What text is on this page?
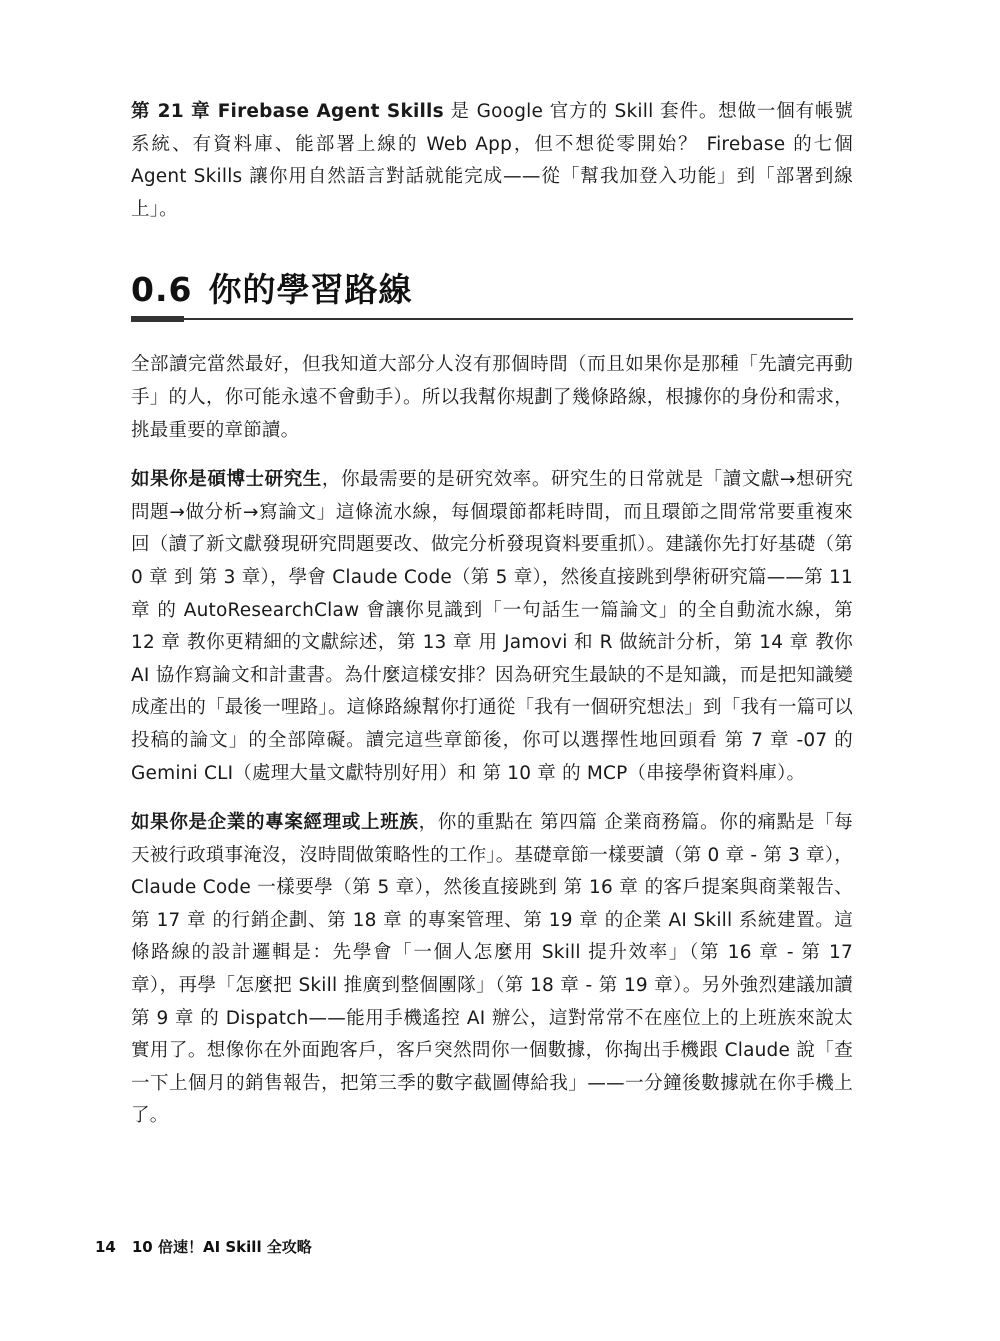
第 21 章 Firebase Agent Skills 是 Google 官方的 Skill 套件。想做一個有帳號系統、有資料庫、能部署上線的 Web App，但不想從零開始？ Firebase 的七個 Agent Skills 讓你用自然語言對話就能完成——從「幫我加登入功能」到「部署到線上」。

0.6 你的學習路線

全部讀完當然最好，但我知道大部分人沒有那個時間（而且如果你是那種「先讀完再動手」的人，你可能永遠不會動手）。所以我幫你規劃了幾條路線，根據你的身份和需求，挑最重要的章節讀。

如果你是碩博士研究生，你最需要的是研究效率。研究生的日常就是「讀文獻→想研究問題→做分析→寫論文」這條流水線，每個環節都耗時間，而且環節之間常常要重複來回（讀了新文獻發現研究問題要改、做完分析發現資料要重抓）。建議你先打好基礎（第 0 章 到 第 3 章），學會 Claude Code（第 5 章），然後直接跳到學術研究篇——第 11 章 的 AutoResearchClaw 會讓你見識到「一句話生一篇論文」的全自動流水線，第 12 章 教你更精細的文獻綜述，第 13 章 用 Jamovi 和 R 做統計分析，第 14 章 教你 AI 協作寫論文和計畫書。為什麼這樣安排？因為研究生最缺的不是知識，而是把知識變成產出的「最後一哩路」。這條路線幫你打通從「我有一個研究想法」到「我有一篇可以投稿的論文」的全部障礙。讀完這些章節後，你可以選擇性地回頭看 第 7 章 -07 的 Gemini CLI（處理大量文獻特別好用）和 第 10 章 的 MCP（串接學術資料庫）。

如果你是企業的專案經理或上班族，你的重點在 第四篇 企業商務篇。你的痛點是「每天被行政瑣事淹沒，沒時間做策略性的工作」。基礎章節一樣要讀（第 0 章 - 第 3 章），Claude Code 一樣要學（第 5 章），然後直接跳到 第 16 章 的客戶提案與商業報告、第 17 章 的行銷企劃、第 18 章 的專案管理、第 19 章 的企業 AI Skill 系統建置。這條路線的設計邏輯是：先學會「一個人怎麼用 Skill 提升效率」（第 16 章 - 第 17 章），再學「怎麼把 Skill 推廣到整個團隊」（第 18 章 - 第 19 章）。另外強烈建議加讀 第 9 章 的 Dispatch——能用手機遙控 AI 辦公，這對常常不在座位上的上班族來說太實用了。想像你在外面跑客戶，客戶突然問你一個數據，你掏出手機跟 Claude 說「查一下上個月的銷售報告，把第三季的數字截圖傳給我」——一分鐘後數據就在你手機上了。

14 10 倍速！AI Skill 全攻略
